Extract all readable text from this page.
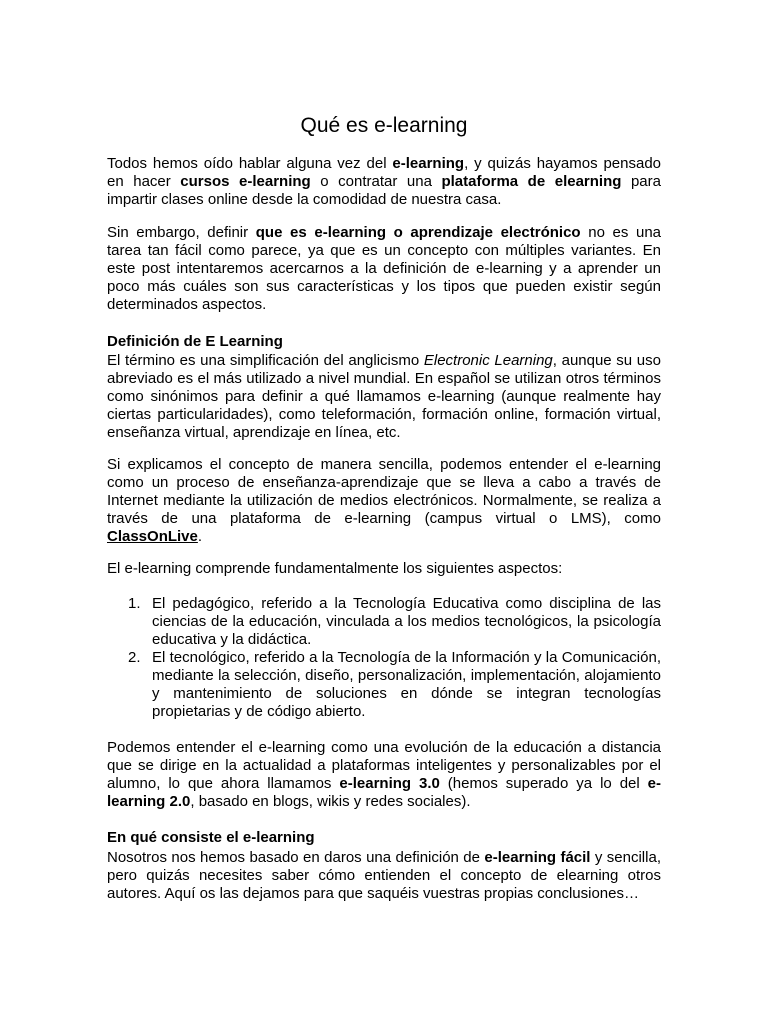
Qué es e-learning

Todos hemos oído hablar alguna vez del e-learning, y quizás hayamos pensado en hacer cursos e-learning o contratar una plataforma de elearning para impartir clases online desde la comodidad de nuestra casa.

Sin embargo, definir que es e-learning o aprendizaje electrónico no es una tarea tan fácil como parece, ya que es un concepto con múltiples variantes. En este post intentaremos acercarnos a la definición de e-learning y a aprender un poco más cuáles son sus características y los tipos que pueden existir según determinados aspectos.

Definición de E Learning

El término es una simplificación del anglicismo Electronic Learning, aunque su uso abreviado es el más utilizado a nivel mundial. En español se utilizan otros términos como sinónimos para definir a qué llamamos e-learning (aunque realmente hay ciertas particularidades), como teleformación, formación online, formación virtual, enseñanza virtual, aprendizaje en línea, etc.

Si explicamos el concepto de manera sencilla, podemos entender el e-learning como un proceso de enseñanza-aprendizaje que se lleva a cabo a través de Internet mediante la utilización de medios electrónicos. Normalmente, se realiza a través de una plataforma de e-learning (campus virtual o LMS), como ClassOnLive.

El e-learning comprende fundamentalmente los siguientes aspectos:

1. El pedagógico, referido a la Tecnología Educativa como disciplina de las ciencias de la educación, vinculada a los medios tecnológicos, la psicología educativa y la didáctica.
2. El tecnológico, referido a la Tecnología de la Información y la Comunicación, mediante la selección, diseño, personalización, implementación, alojamiento y mantenimiento de soluciones en dónde se integran tecnologías propietarias y de código abierto.

Podemos entender el e-learning como una evolución de la educación a distancia que se dirige en la actualidad a plataformas inteligentes y personalizables por el alumno, lo que ahora llamamos e-learning 3.0 (hemos superado ya lo del e-learning 2.0, basado en blogs, wikis y redes sociales).

En qué consiste el e-learning

Nosotros nos hemos basado en daros una definición de e-learning fácil y sencilla, pero quizás necesites saber cómo entienden el concepto de elearning otros autores. Aquí os las dejamos para que saquéis vuestras propias conclusiones…
